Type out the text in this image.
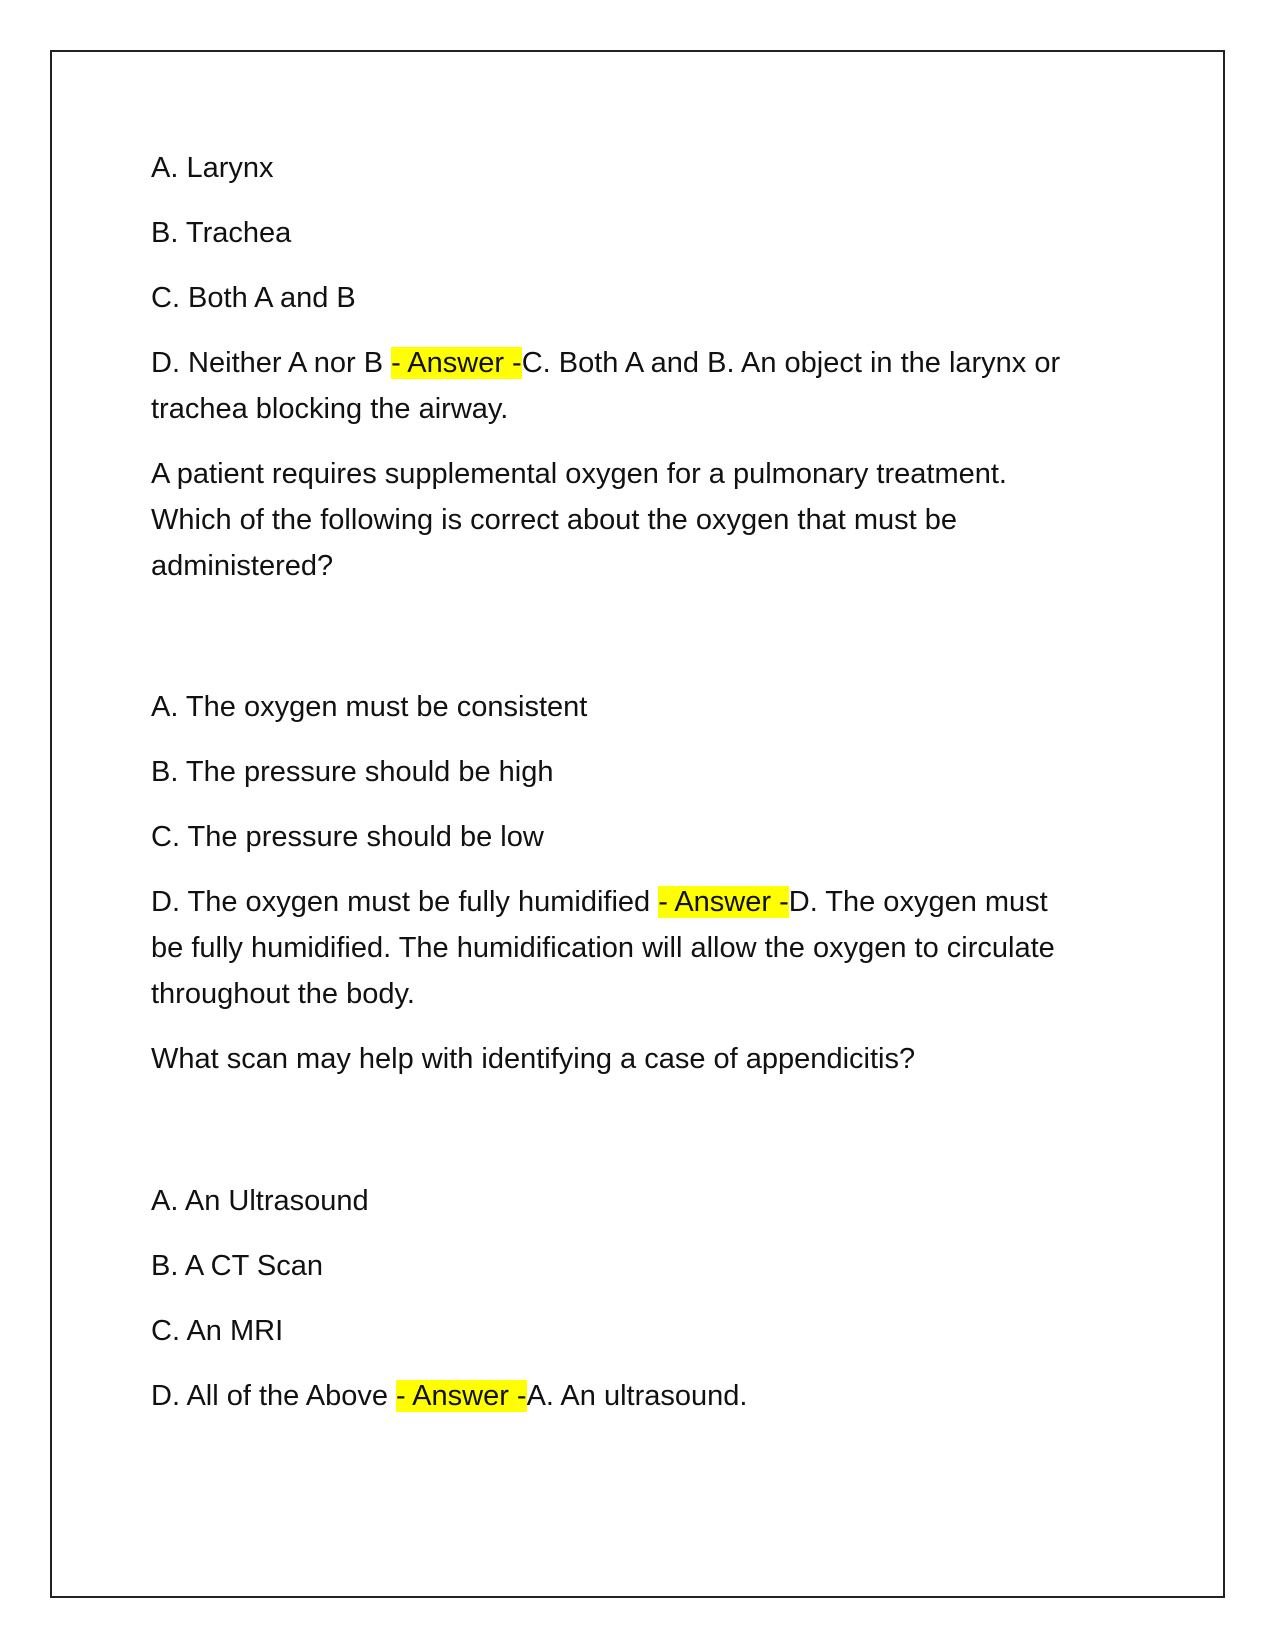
A. Larynx
B. Trachea
C. Both A and B
D. Neither A nor B - Answer -C. Both A and B. An object in the larynx or
trachea blocking the airway.
A patient requires supplemental oxygen for a pulmonary treatment.
Which of the following is correct about the oxygen that must be
administered?
A. The oxygen must be consistent
B. The pressure should be high
C. The pressure should be low
D. The oxygen must be fully humidified - Answer -D. The oxygen must
be fully humidified. The humidification will allow the oxygen to circulate
throughout the body.
What scan may help with identifying a case of appendicitis?
A. An Ultrasound
B. A CT Scan
C. An MRI
D. All of the Above - Answer -A. An ultrasound.
